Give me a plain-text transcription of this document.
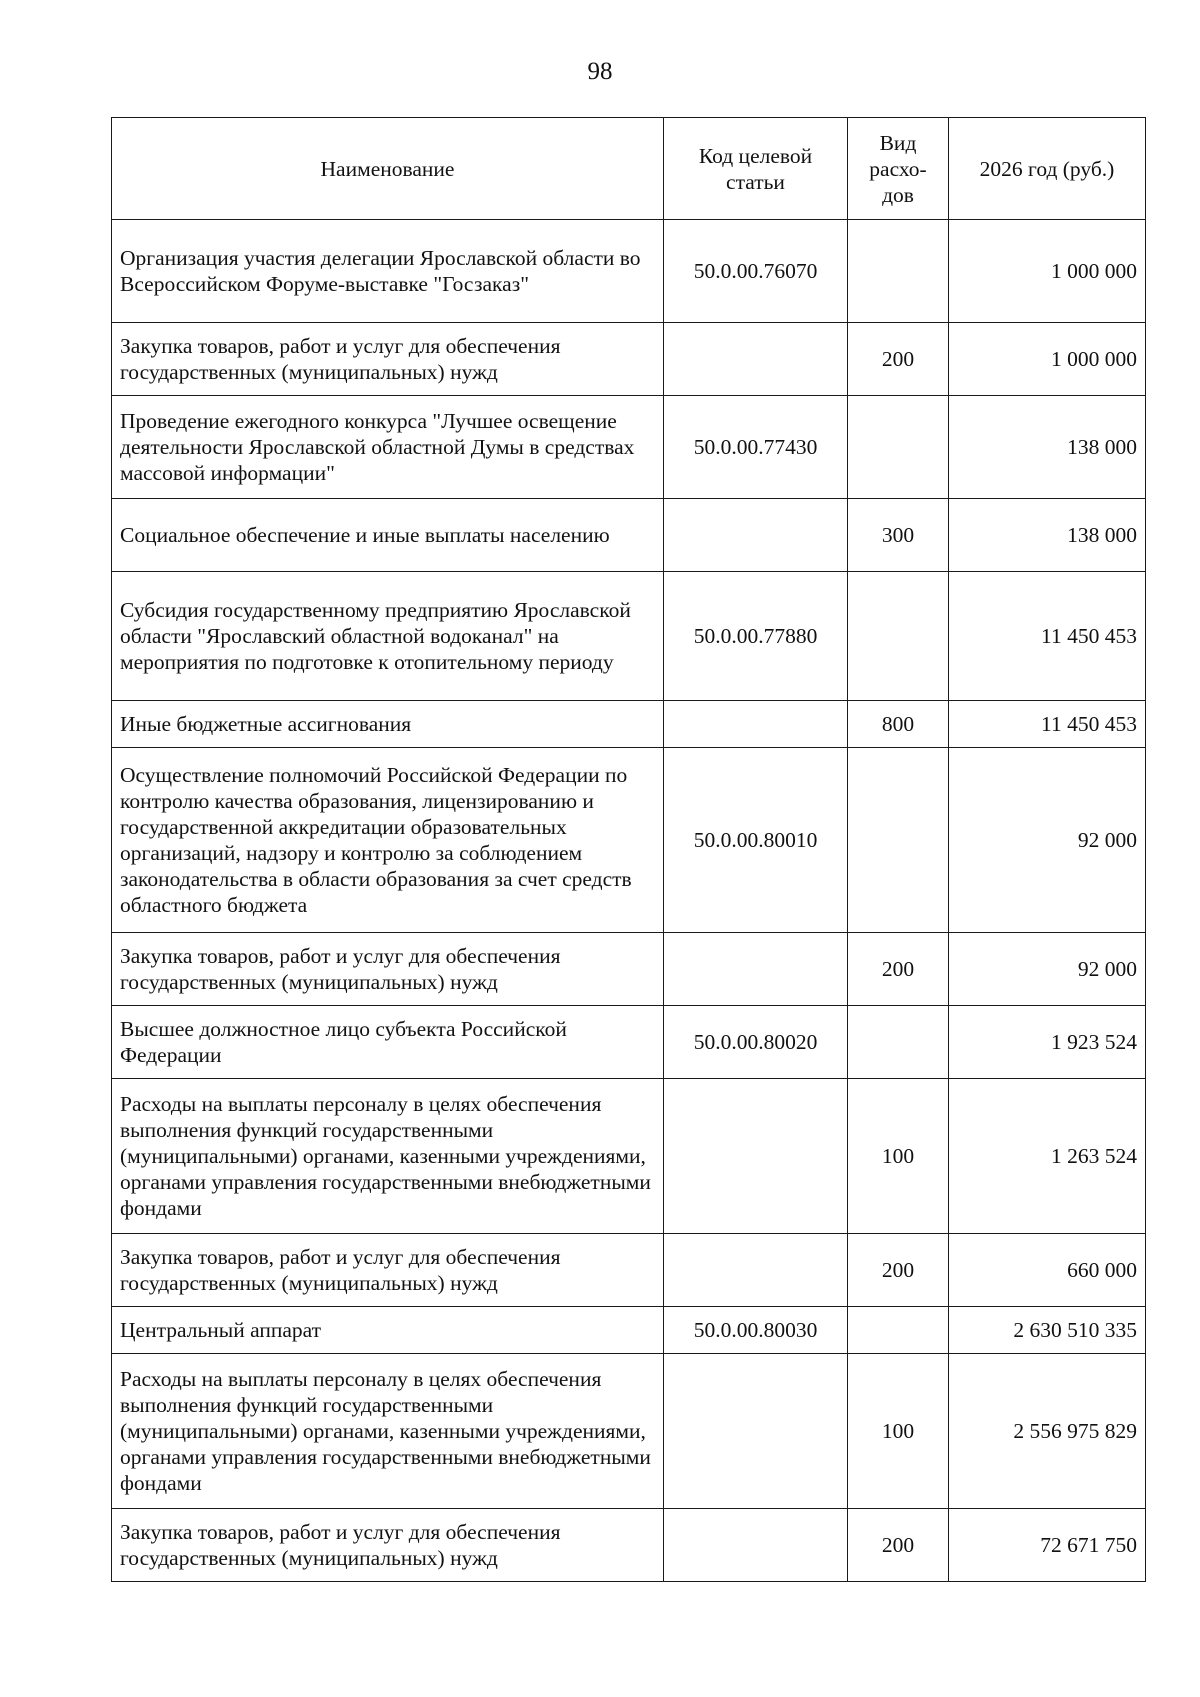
98
Наименование	Код целевой статьи	Вид расхо- дов	2026 год (руб.)
Организация участия делегации Ярославской области во Всероссийском Форуме-выставке "Госзаказ"	50.0.00.76070		1 000 000
Закупка товаров, работ и услуг для обеспечения государственных (муниципальных) нужд		200	1 000 000
Проведение ежегодного конкурса "Лучшее освещение деятельности Ярославской областной Думы в средствах массовой информации"	50.0.00.77430		138 000
Социальное обеспечение и иные выплаты населению		300	138 000
Субсидия государственному предприятию Ярославской области "Ярославский областной водоканал" на мероприятия по подготовке к отопительному периоду	50.0.00.77880		11 450 453
Иные бюджетные ассигнования		800	11 450 453
Осуществление полномочий Российской Федерации по контролю качества образования, лицензированию и государственной аккредитации образовательных организаций, надзору и контролю за соблюдением законодательства в области образования за счет средств областного бюджета	50.0.00.80010		92 000
Закупка товаров, работ и услуг для обеспечения государственных (муниципальных) нужд		200	92 000
Высшее должностное лицо субъекта Российской Федерации	50.0.00.80020		1 923 524
Расходы на выплаты персоналу в целях обеспечения выполнения функций государственными (муниципальными) органами, казенными учреждениями, органами управления государственными внебюджетными фондами		100	1 263 524
Закупка товаров, работ и услуг для обеспечения государственных (муниципальных) нужд		200	660 000
Центральный аппарат	50.0.00.80030		2 630 510 335
Расходы на выплаты персоналу в целях обеспечения выполнения функций государственными (муниципальными) органами, казенными учреждениями, органами управления государственными внебюджетными фондами		100	2 556 975 829
Закупка товаров, работ и услуг для обеспечения государственных (муниципальных) нужд		200	72 671 750
